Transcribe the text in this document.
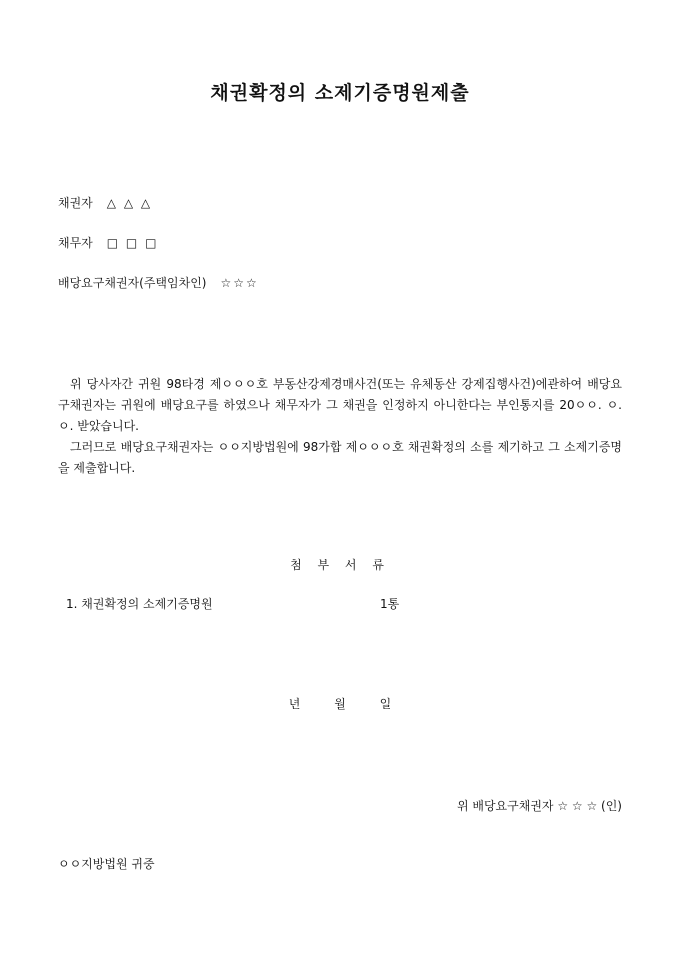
채권확정의 소제기증명원제출
채권자 △ △ △
채무자 □ □ □
배당요구채권자(주택임차인) ☆☆☆

위 당사자간 귀원 98타경 제ㅇㅇㅇ호 부동산강제경매사건(또는 유체동산 강제집행사건)에관하여 배당요구채권자는 귀원에 배당요구를 하였으나 채무자가 그 채권을 인정하지 아니한다는 부인통지를 20ㅇㅇ. ㅇ.ㅇ. 받았습니다.

그러므로 배당요구채권자는 ㅇㅇ지방법원에 98가합 제ㅇㅇㅇ호 채권확정의 소를 제기하고 그 소제기증명을 제출합니다.

첨 부 서 류
1. 채권확정의 소제기증명원	1통
년 월 일
위 배당요구채권자 ☆ ☆ ☆ (인)
ㅇㅇ지방법원 귀중
